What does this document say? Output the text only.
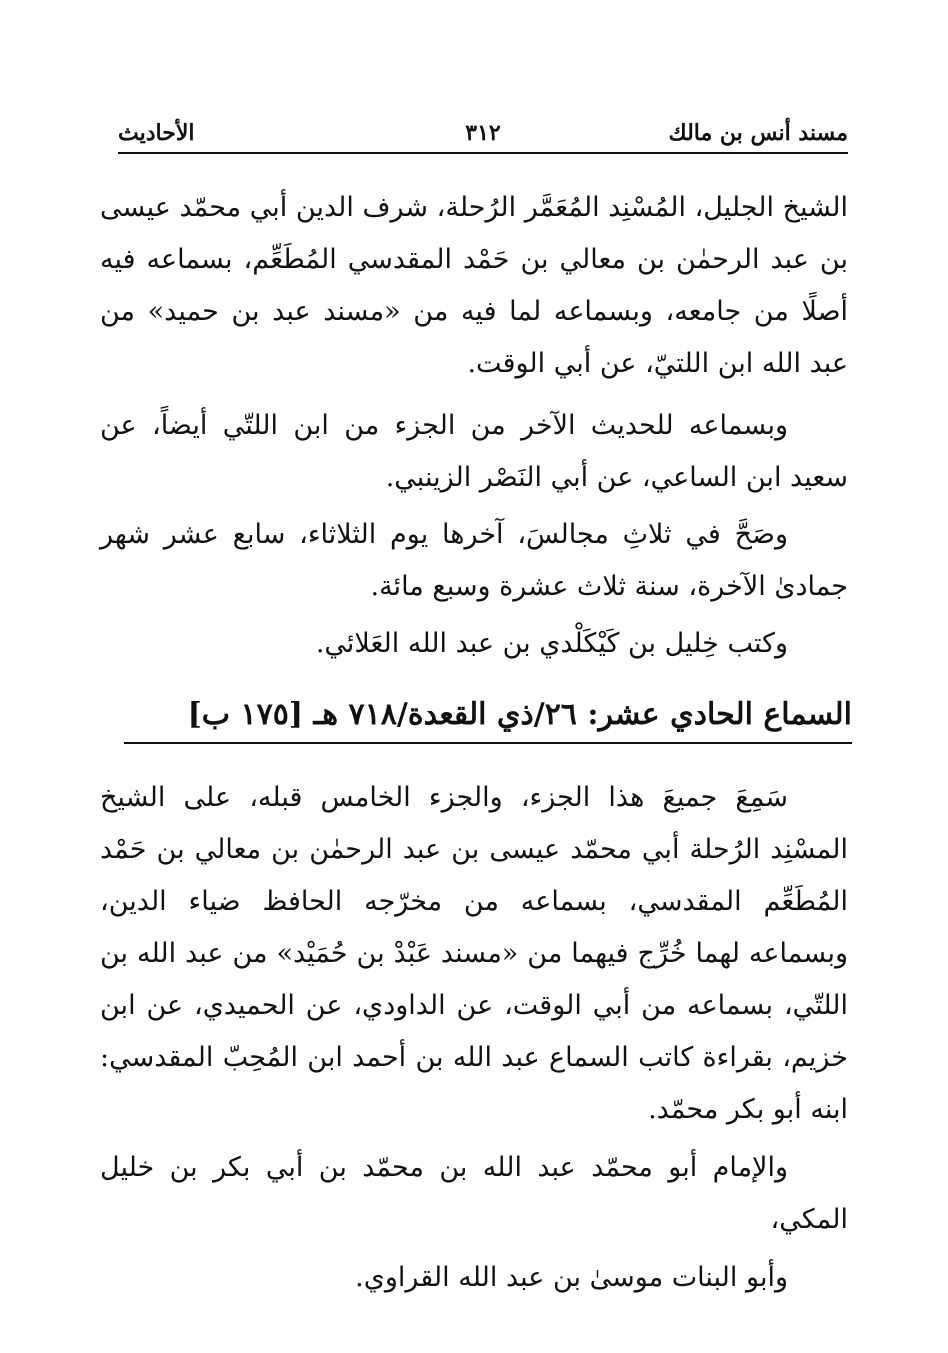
مسند أنس بن مالك
٣١٢
الأحاديث

الشيخ الجليل، المُسْنِد المُعَمَّر الرُحلة، شرف الدين أبي محمّد عيسى بن عبد الرحمٰن بن معالي بن حَمْد المقدسي المُطَعِّم، بسماعه فيه أصلًا من جامعه، وبسماعه لما فيه من «مسند عبد بن حميد» من عبد الله ابن اللتيّ، عن أبي الوقت.

وبسماعه للحديث الآخر من الجزء من ابن اللتّي أيضاً، عن سعيد ابن الساعي، عن أبي النَصْر الزينبي.

وصَحَّ في ثلاثِ مجالسَ، آخرها يوم الثلاثاء، سابع عشر شهر جمادىٰ الآخرة، سنة ثلاث عشرة وسبع مائة.

وكتب خِليل بن كَيْكَلْدي بن عبد الله العَلائي.

السماع الحادي عشر: ٢٦/ذي القعدة/٧١٨ هـ [١٧٥ ب]

سَمِعَ جميعَ هذا الجزء، والجزء الخامس قبله، على الشيخ المسْنِد الرُحلة أبي محمّد عيسى بن عبد الرحمٰن بن معالي بن حَمْد المُطَعِّم المقدسي، بسماعه من مخرّجه الحافظ ضياء الدين، وبسماعه لهما خُرِّج فيهما من «مسند عَبْدْ بن حُمَيْد» من عبد الله بن اللتّي، بسماعه من أبي الوقت، عن الداودي، عن الحميدي، عن ابن خزيم، بقراءة كاتب السماع عبد الله بن أحمد ابن المُحِبّ المقدسي: ابنه أبو بكر محمّد.

والإمام أبو محمّد عبد الله بن محمّد بن أبي بكر بن خليل المكي،

وأبو البنات موسىٰ بن عبد الله القراوي.
